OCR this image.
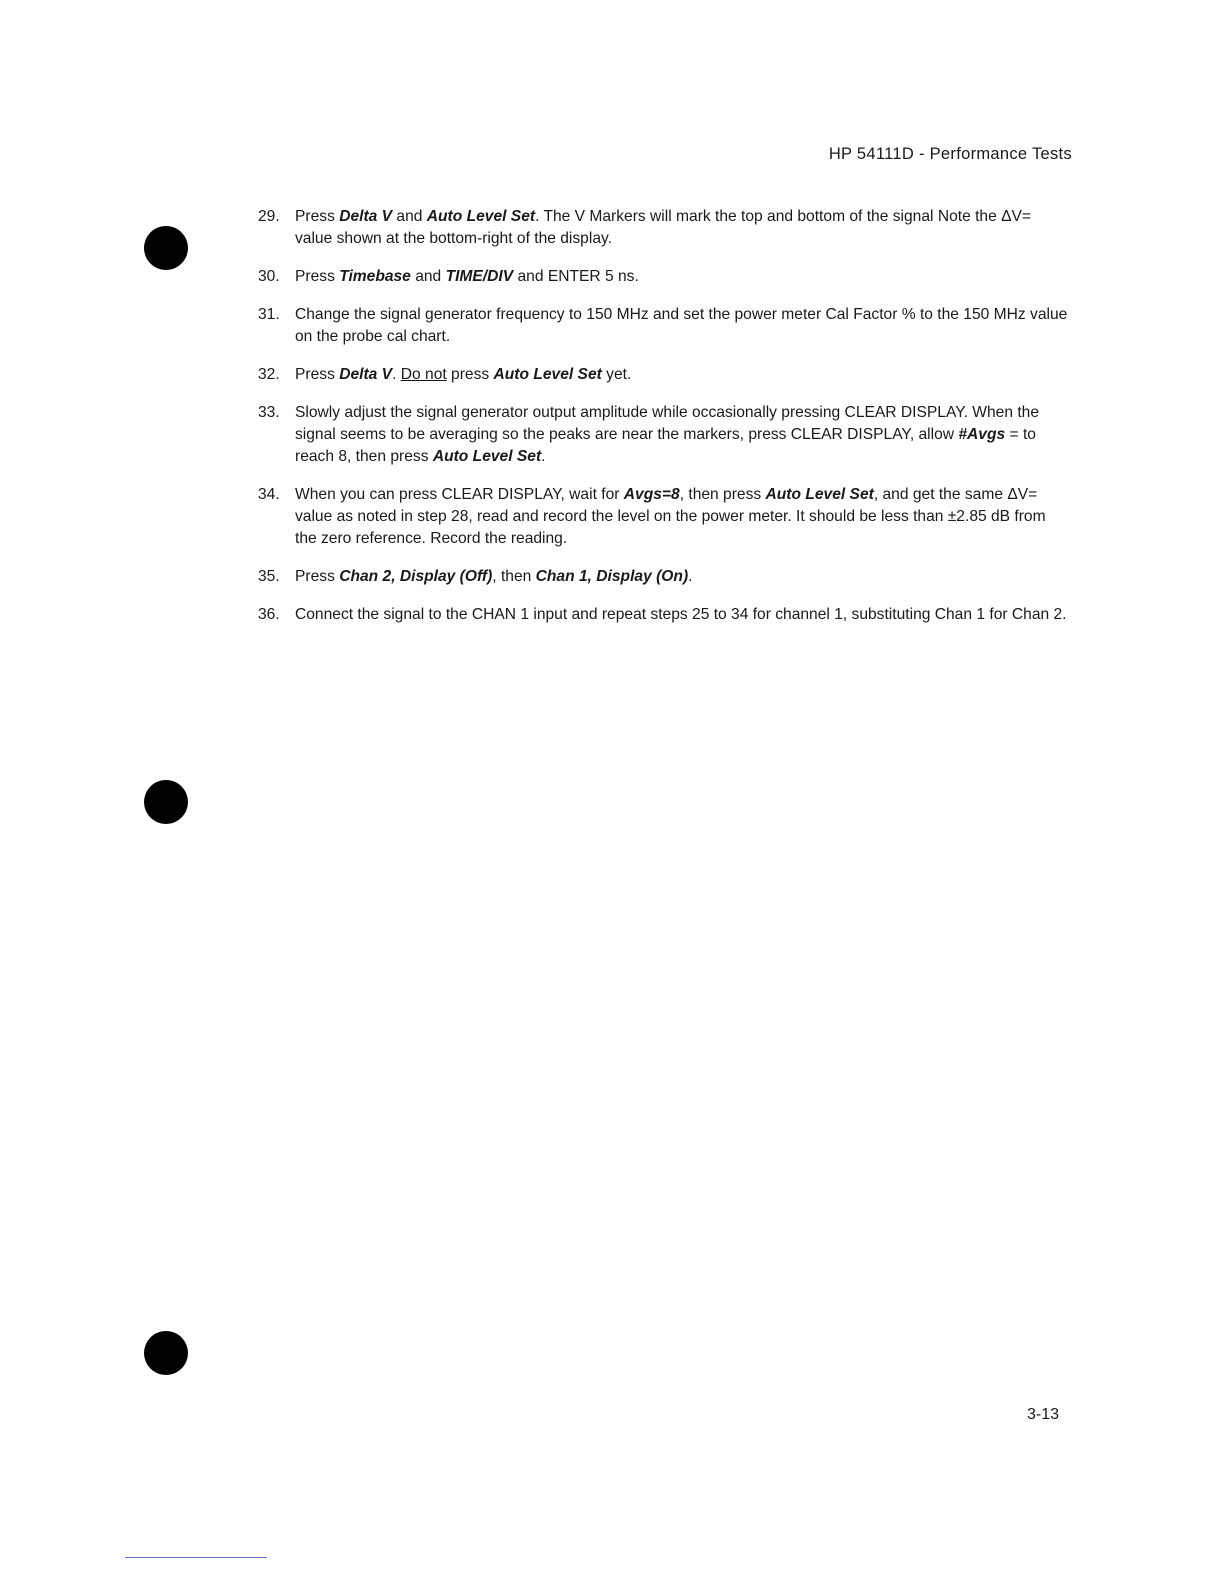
HP 54111D - Performance Tests
29. Press Delta V and Auto Level Set. The V Markers will mark the top and bottom of the signal Note the ΔV= value shown at the bottom-right of the display.
30. Press Timebase and TIME/DIV and ENTER 5 ns.
31. Change the signal generator frequency to 150 MHz and set the power meter Cal Factor % to the 150 MHz value on the probe cal chart.
32. Press Delta V. Do not press Auto Level Set yet.
33. Slowly adjust the signal generator output amplitude while occasionally pressing CLEAR DISPLAY. When the signal seems to be averaging so the peaks are near the markers, press CLEAR DISPLAY, allow #Avgs = to reach 8, then press Auto Level Set.
34. When you can press CLEAR DISPLAY, wait for Avgs=8, then press Auto Level Set, and get the same ΔV= value as noted in step 28, read and record the level on the power meter. It should be less than ±2.85 dB from the zero reference. Record the reading.
35. Press Chan 2, Display (Off), then Chan 1, Display (On).
36. Connect the signal to the CHAN 1 input and repeat steps 25 to 34 for channel 1, substituting Chan 1 for Chan 2.
3-13
